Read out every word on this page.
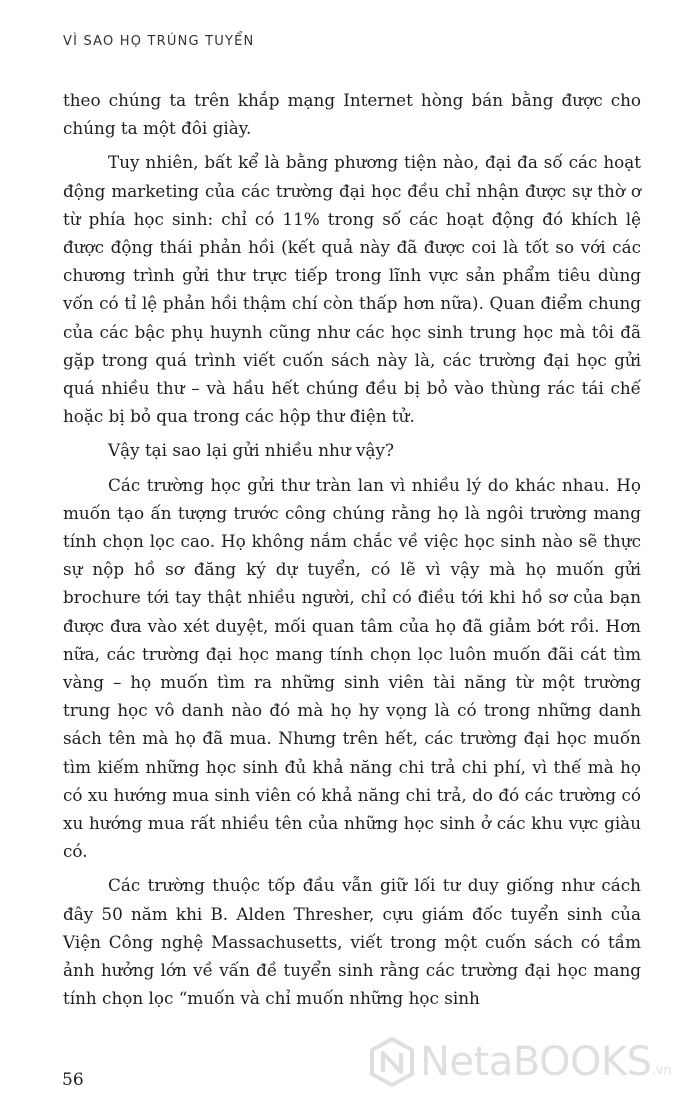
VÌ SAO HỌ TRÚNG TUYỂN

theo chúng ta trên khắp mạng Internet hòng bán bằng được cho chúng ta một đôi giày.

Tuy nhiên, bất kể là bằng phương tiện nào, đại đa số các hoạt động marketing của các trường đại học đều chỉ nhận được sự thờ ơ từ phía học sinh: chỉ có 11% trong số các hoạt động đó khích lệ được động thái phản hồi (kết quả này đã được coi là tốt so với các chương trình gửi thư trực tiếp trong lĩnh vực sản phẩm tiêu dùng vốn có tỉ lệ phản hồi thậm chí còn thấp hơn nữa). Quan điểm chung của các bậc phụ huynh cũng như các học sinh trung học mà tôi đã gặp trong quá trình viết cuốn sách này là, các trường đại học gửi quá nhiều thư – và hầu hết chúng đều bị bỏ vào thùng rác tái chế hoặc bị bỏ qua trong các hộp thư điện tử.

Vậy tại sao lại gửi nhiều như vậy?

Các trường học gửi thư tràn lan vì nhiều lý do khác nhau. Họ muốn tạo ấn tượng trước công chúng rằng họ là ngôi trường mang tính chọn lọc cao. Họ không nắm chắc về việc học sinh nào sẽ thực sự nộp hồ sơ đăng ký dự tuyển, có lẽ vì vậy mà họ muốn gửi brochure tới tay thật nhiều người, chỉ có điều tới khi hồ sơ của bạn được đưa vào xét duyệt, mối quan tâm của họ đã giảm bớt rồi. Hơn nữa, các trường đại học mang tính chọn lọc luôn muốn đãi cát tìm vàng – họ muốn tìm ra những sinh viên tài năng từ một trường trung học vô danh nào đó mà họ hy vọng là có trong những danh sách tên mà họ đã mua. Nhưng trên hết, các trường đại học muốn tìm kiếm những học sinh đủ khả năng chi trả chi phí, vì thế mà họ có xu hướng mua sinh viên có khả năng chi trả, do đó các trường có xu hướng mua rất nhiều tên của những học sinh ở các khu vực giàu có.

Các trường thuộc tốp đầu vẫn giữ lối tư duy giống như cách đây 50 năm khi B. Alden Thresher, cựu giám đốc tuyển sinh của Viện Công nghệ Massachusetts, viết trong một cuốn sách có tầm ảnh hưởng lớn về vấn đề tuyển sinh rằng các trường đại học mang tính chọn lọc “muốn và chỉ muốn những học sinh

56	NetaBOOKS .vn
